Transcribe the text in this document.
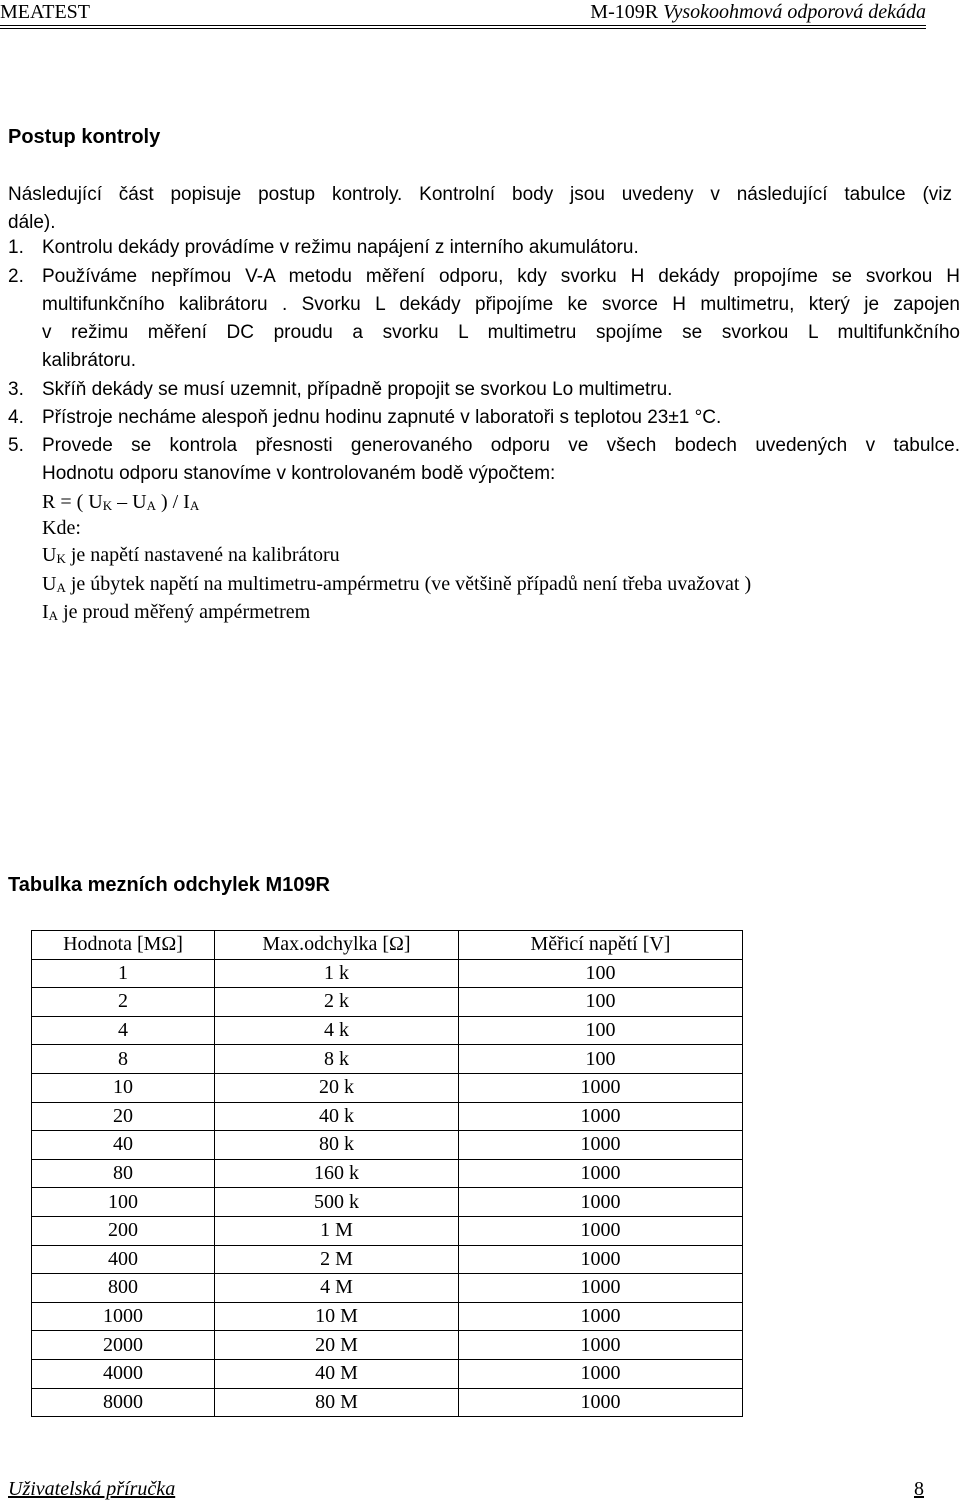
MEATEST	M-109R Vysokoohmová odporová dekáda
Postup kontroly
Následující část popisuje postup kontroly. Kontrolní body jsou uvedeny v následující tabulce (viz
dále).
1. Kontrolu dekády provádíme v režimu napájení z interního akumulátoru.
2. Používáme nepřímou V-A metodu měření odporu, kdy svorku H dekády propojíme se svorkou H
multifunkčního kalibrátoru . Svorku L dekády připojíme ke svorce H multimetru, který je zapojen
v režimu měření DC proudu a svorku L multimetru spojíme se svorkou L multifunkčního
kalibrátoru.
3. Skříň dekády se musí uzemnit, případně propojit se svorkou Lo multimetru.
4. Přístroje necháme alespoň jednu hodinu zapnuté v laboratoři s teplotou 23±1 °C.
5. Provede se kontrola přesnosti generovaného odporu ve všech bodech uvedených v tabulce.
Hodnotu odporu stanovíme v kontrolovaném bodě výpočtem:
R = ( $U_K - U_A$ ) / $I_A$
Kde:
$U_K$ je napětí nastavené na kalibrátoru
$U_A$ je úbytek napětí na multimetru-ampérmetru (ve většině případů není třeba uvažovat )
$I_A$ je proud měřený ampérmetrem
Tabulka mezních odchylek M109R
Hodnota [MΩ]	Max.odchylka [Ω]	Měřicí napětí [V]
1	1 k	100
2	2 k	100
4	4 k	100
8	8 k	100
10	20 k	1000
20	40 k	1000
40	80 k	1000
80	160 k	1000
100	500 k	1000
200	1 M	1000
400	2 M	1000
800	4 M	1000
1000	10 M	1000
2000	20 M	1000
4000	40 M	1000
8000	80 M	1000
Uživatelská příručka	8
